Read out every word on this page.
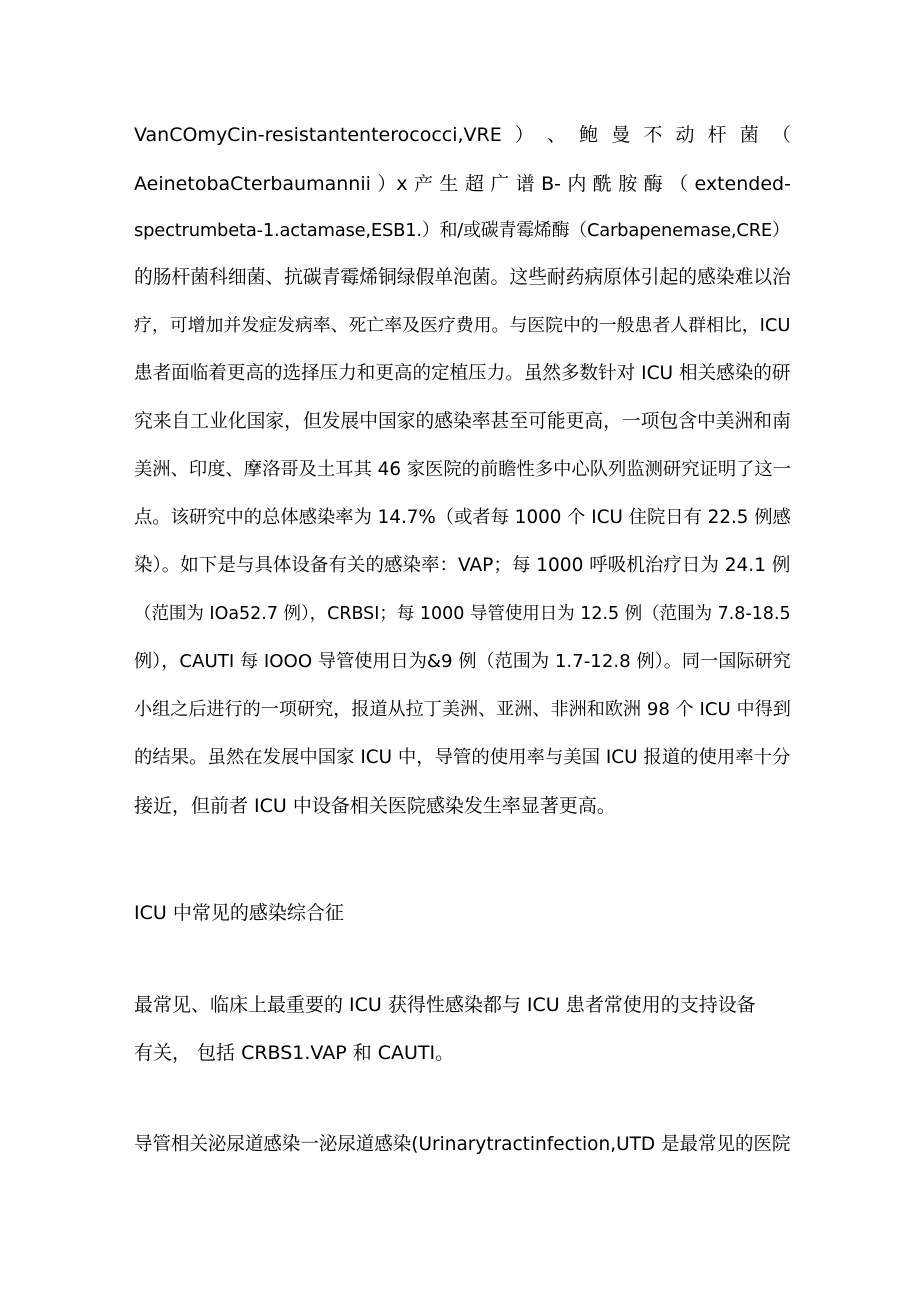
VanCOmyCin-resistantenterococci,VRE ） 、 鲍 曼 不 动 杆 菌 （
AeinetobaCterbaumannii ）x 产 生 超 广 谱 B- 内 酰 胺 酶 （ extended-
spectrumbeta-1.actamase,ESB1.）和/或碳青霉烯酶（Carbapenemase,CRE）
的肠杆菌科细菌、抗碳青霉烯铜绿假单泡菌。这些耐药病原体引起的感染难以治
疗，可增加并发症发病率、死亡率及医疗费用。与医院中的一般患者人群相比，ICU
患者面临着更高的选择压力和更高的定植压力。虽然多数针对 ICU 相关感染的研
究来自工业化国家，但发展中国家的感染率甚至可能更高，一项包含中美洲和南
美洲、印度、摩洛哥及土耳其 46 家医院的前瞻性多中心队列监测研究证明了这一
点。该研究中的总体感染率为 14.7%（或者每 1000 个 ICU 住院日有 22.5 例感
染）。如下是与具体设备有关的感染率：VAP；每 1000 呼吸机治疗日为 24.1 例
（范围为 IOa52.7 例），CRBSI；每 1000 导管使用日为 12.5 例（范围为 7.8-18.5
例），CAUTI 每 IOOO 导管使用日为&9 例（范围为 1.7-12.8 例）。同一国际研究
小组之后进行的一项研究，报道从拉丁美洲、亚洲、非洲和欧洲 98 个 ICU 中得到
的结果。虽然在发展中国家 ICU 中，导管的使用率与美国 ICU 报道的使用率十分
接近，但前者 ICU 中设备相关医院感染发生率显著更高。
ICU 中常见的感染综合征
最常见、临床上最重要的 ICU 获得性感染都与 ICU 患者常使用的支持设备
有关， 包括 CRBS1.VAP 和 CAUTI。
导管相关泌尿道感染一泌尿道感染(Urinarytractinfection,UTD 是最常见的医院
